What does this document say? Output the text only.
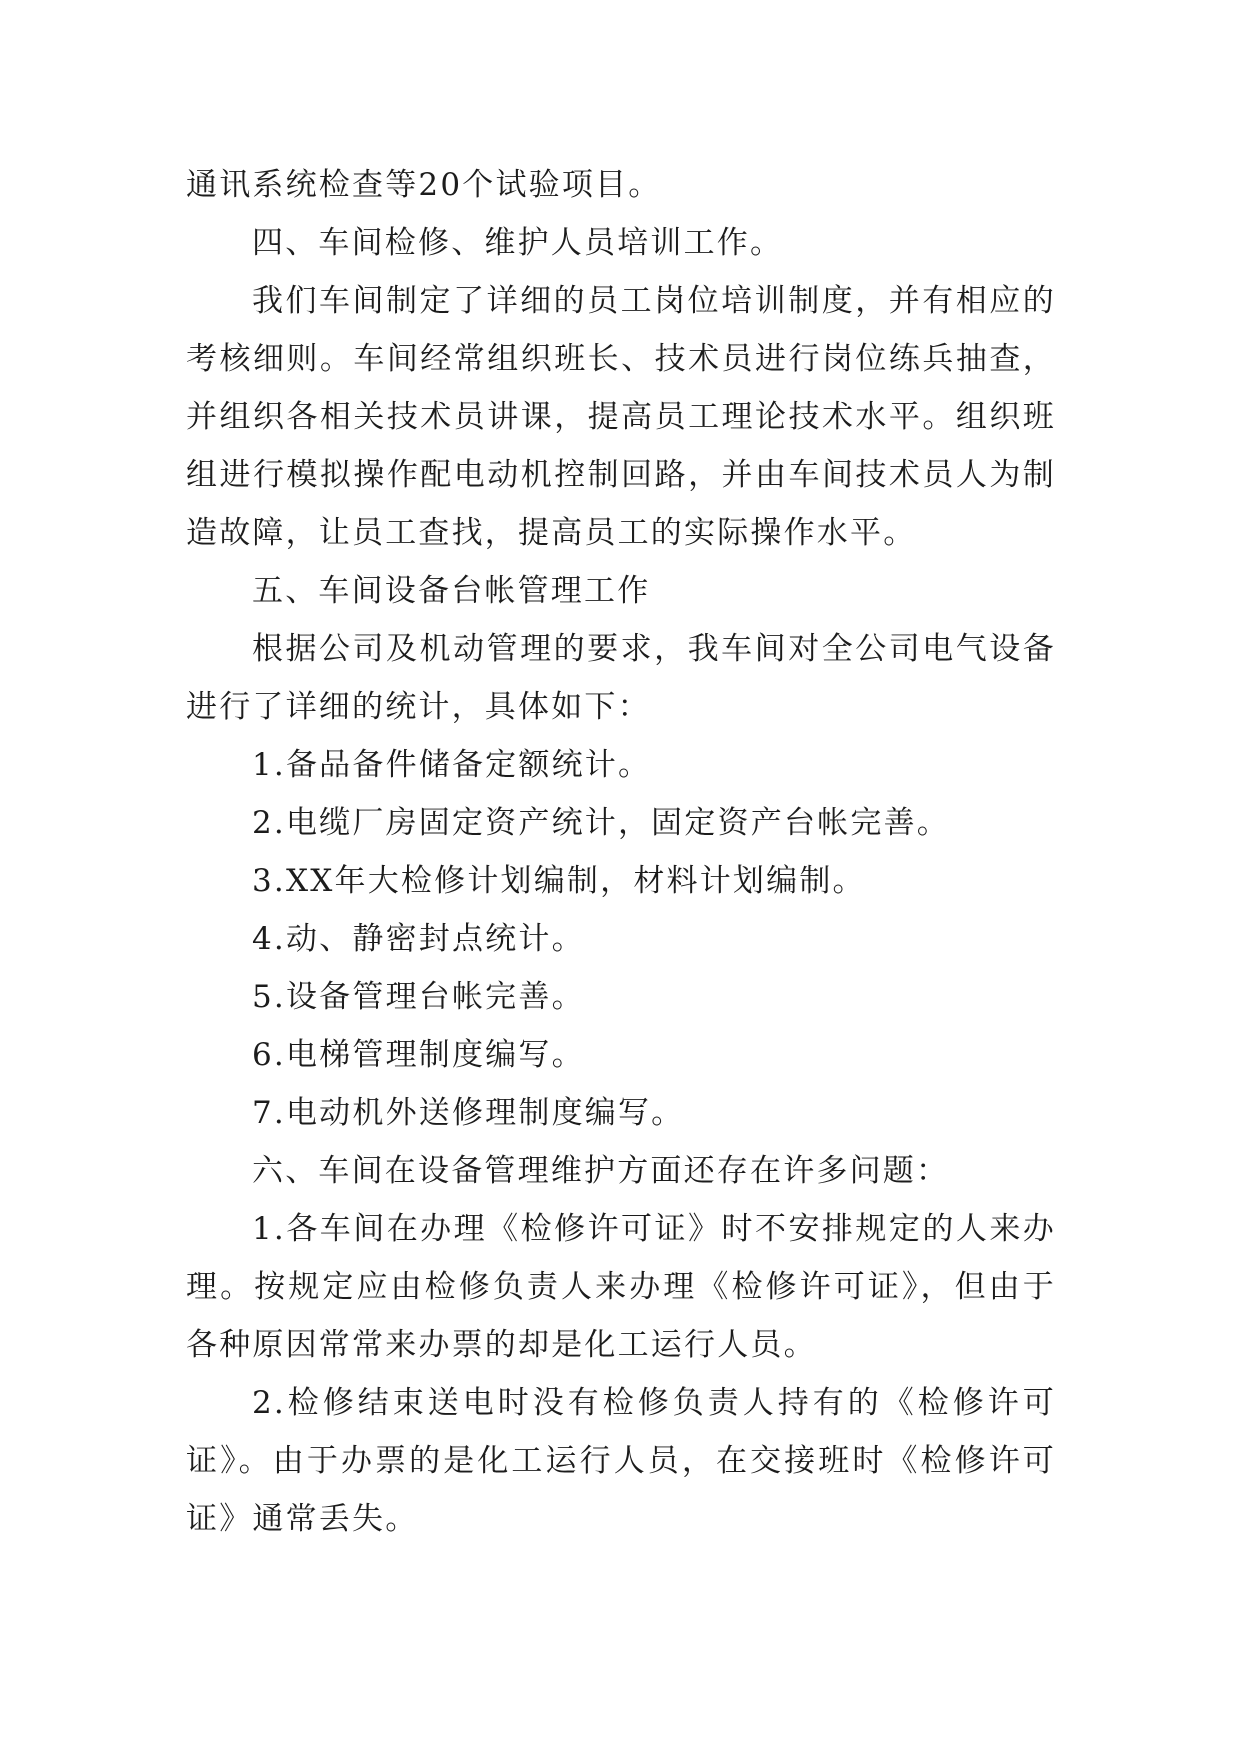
通讯系统检查等20个试验项目。

四、车间检修、维护人员培训工作。

我们车间制定了详细的员工岗位培训制度，并有相应的考核细则。车间经常组织班长、技术员进行岗位练兵抽查，并组织各相关技术员讲课，提高员工理论技术水平。组织班组进行模拟操作配电动机控制回路，并由车间技术员人为制造故障，让员工查找，提高员工的实际操作水平。

五、车间设备台帐管理工作

根据公司及机动管理的要求，我车间对全公司电气设备进行了详细的统计，具体如下：

1.备品备件储备定额统计。

2.电缆厂房固定资产统计，固定资产台帐完善。

3.XX年大检修计划编制，材料计划编制。

4.动、静密封点统计。

5.设备管理台帐完善。

6.电梯管理制度编写。

7.电动机外送修理制度编写。

六、车间在设备管理维护方面还存在许多问题：

1.各车间在办理《检修许可证》时不安排规定的人来办理。按规定应由检修负责人来办理《检修许可证》，但由于各种原因常常来办票的却是化工运行人员。

2.检修结束送电时没有检修负责人持有的《检修许可证》。由于办票的是化工运行人员，在交接班时《检修许可证》通常丢失。
